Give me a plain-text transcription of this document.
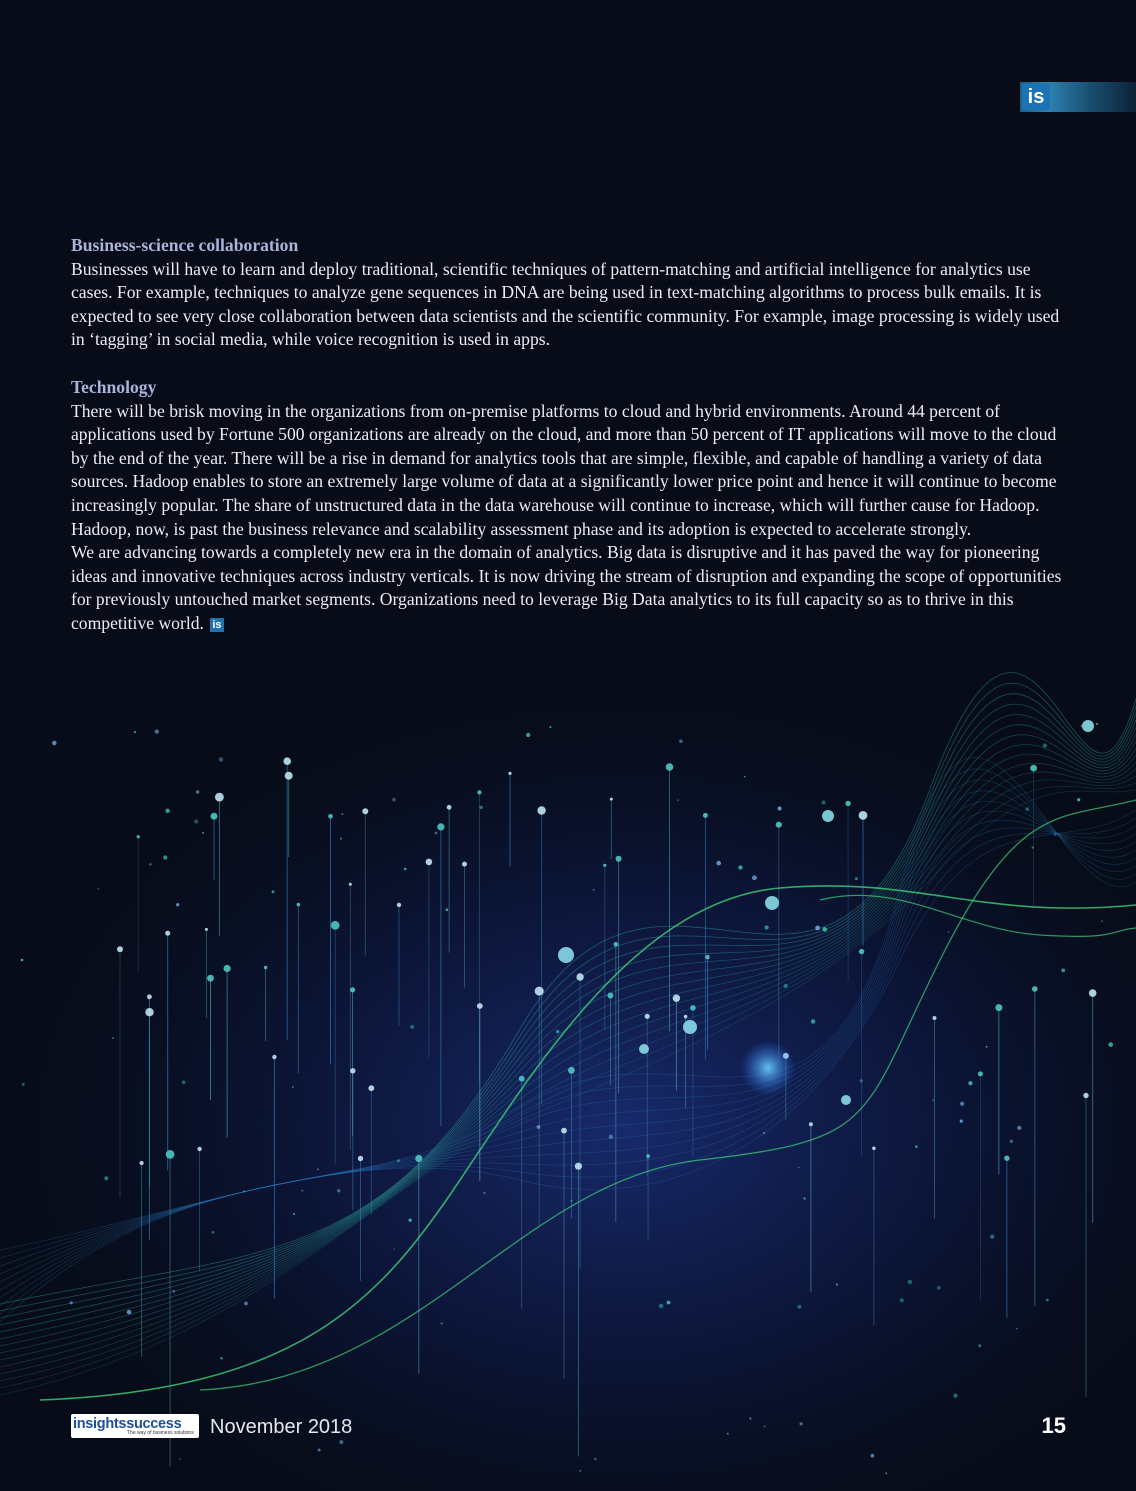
is

Business-science collaboration

Businesses will have to learn and deploy traditional, scientific techniques of pattern-matching and artificial intelligence for analytics use cases. For example, techniques to analyze gene sequences in DNA are being used in text-matching algorithms to process bulk emails. It is expected to see very close collaboration between data scientists and the scientific community. For example, image processing is widely used in ‘tagging’ in social media, while voice recognition is used in apps.

Technology

There will be brisk moving in the organizations from on-premise platforms to cloud and hybrid environments. Around 44 percent of applications used by Fortune 500 organizations are already on the cloud, and more than 50 percent of IT applications will move to the cloud by the end of the year. There will be a rise in demand for analytics tools that are simple, flexible, and capable of handling a variety of data sources. Hadoop enables to store an extremely large volume of data at a significantly lower price point and hence it will continue to become increasingly popular. The share of unstructured data in the data warehouse will continue to increase, which will further cause for Hadoop. Hadoop, now, is past the business relevance and scalability assessment phase and its adoption is expected to accelerate strongly.

We are advancing towards a completely new era in the domain of analytics. Big data is disruptive and it has paved the way for pioneering ideas and innovative techniques across industry verticals. It is now driving the stream of disruption and expanding the scope of opportunities for previously untouched market segments. Organizations need to leverage Big Data analytics to its full capacity so as to thrive in this competitive world. is

insightssuccess
The way of business solutions November 2018	15
